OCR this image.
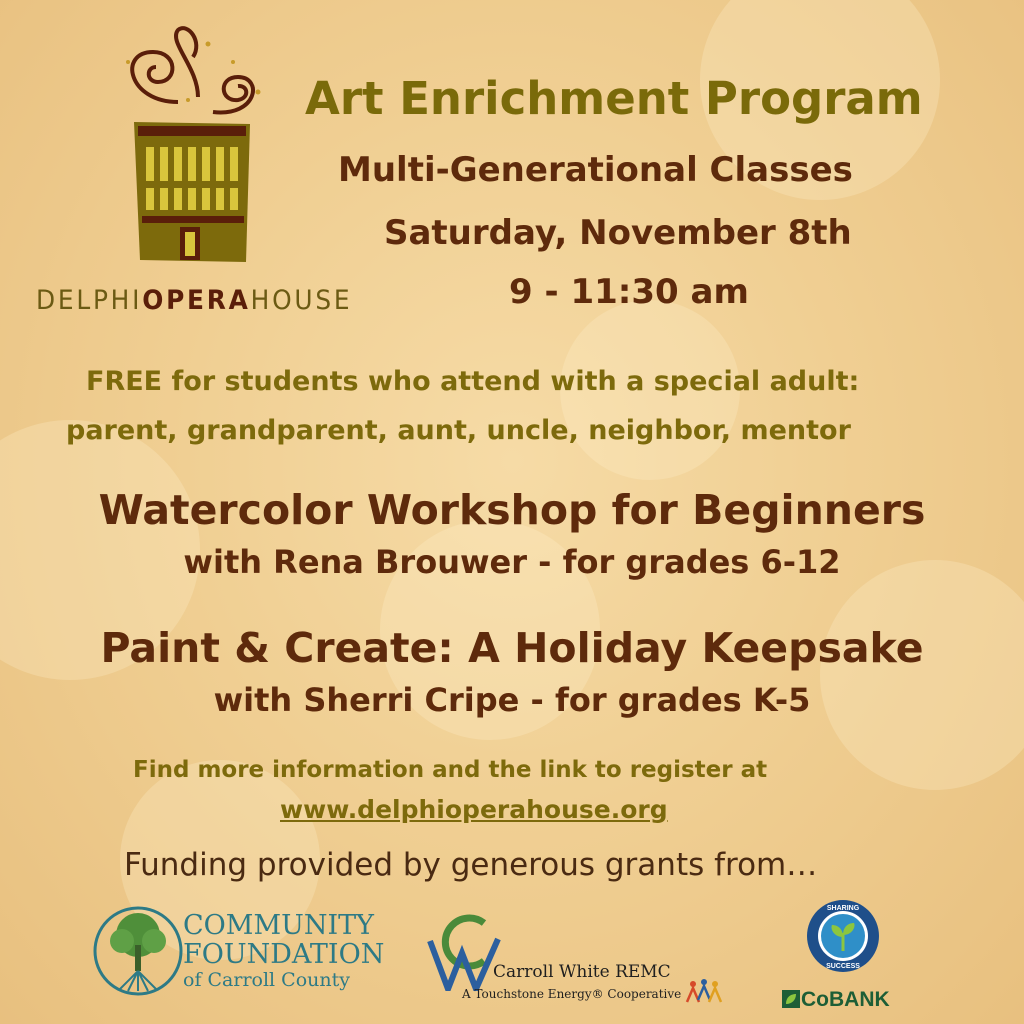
DELPHIOPERAHOUSE
Art Enrichment Program
Multi-Generational Classes
Saturday, November 8th
9 - 11:30 am
FREE for students who attend with a special adult:
parent, grandparent, aunt, uncle, neighbor, mentor
Watercolor Workshop for Beginners
with Rena Brouwer - for grades 6-12
Paint & Create: A Holiday Keepsake
with Sherri Cripe - for grades K-5
Find more information and the link to register at
www.delphioperahouse.org
Funding provided by generous grants from…
COMMUNITY
FOUNDATION
of Carroll County	Carroll White REMC
A Touchstone Energy® Cooperative
SHARING
SUCCESS
CoBANK
